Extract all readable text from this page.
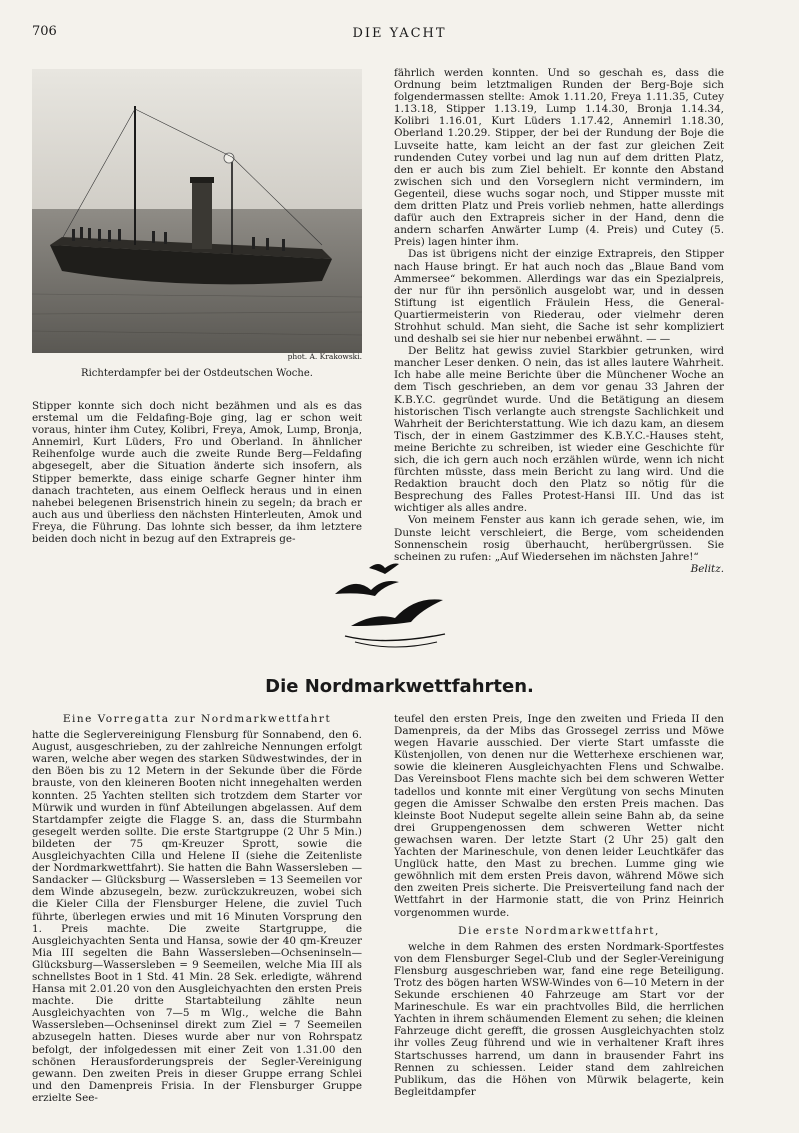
706	DIE YACHT
phot. A. Krakowski.
Richterdampfer bei der Ostdeutschen Woche.

Stipper konnte sich doch nicht bezähmen und als es das erstemal um die Feldafing-Boje ging, lag er schon weit voraus, hinter ihm Cutey, Kolibri, Freya, Amok, Lump, Bronja, Annemirl, Kurt Lüders, Fro und Oberland. In ähnlicher Reihenfolge wurde auch die zweite Runde Berg—Feldafing abgesegelt, aber die Situation änderte sich insofern, als Stipper bemerkte, dass einige scharfe Gegner hinter ihm danach trachteten, aus einem Oelfleck heraus und in einen nahebei belegenen Brisenstrich hinein zu segeln; da brach er auch aus und überliess den nächsten Hinterleuten, Amok und Freya, die Führung. Das lohnte sich besser, da ihm letztere beiden doch nicht in bezug auf den Extrapreis ge-

fährlich werden konnten. Und so geschah es, dass die Ordnung beim letztmaligen Runden der Berg-Boje sich folgendermassen stellte: Amok 1.11.20, Freya 1.11.35, Cutey 1.13.18, Stipper 1.13.19, Lump 1.14.30, Bronja 1.14.34, Kolibri 1.16.01, Kurt Lüders 1.17.42, Annemirl 1.18.30, Oberland 1.20.29. Stipper, der bei der Rundung der Boje die Luvseite hatte, kam leicht an der fast zur gleichen Zeit rundenden Cutey vorbei und lag nun auf dem dritten Platz, den er auch bis zum Ziel behielt. Er konnte den Abstand zwischen sich und den Vorseglern nicht vermindern, im Gegenteil, diese wuchs sogar noch, und Stipper musste mit dem dritten Platz und Preis vorlieb nehmen, hatte allerdings dafür auch den Extrapreis sicher in der Hand, denn die andern scharfen Anwärter Lump (4. Preis) und Cutey (5. Preis) lagen hinter ihm.

Das ist übrigens nicht der einzige Extrapreis, den Stipper nach Hause bringt. Er hat auch noch das „Blaue Band vom Ammersee“ bekommen. Allerdings war das ein Spezialpreis, der nur für ihn persönlich ausgelobt war, und in dessen Stiftung ist eigentlich Fräulein Hess, die General-Quartiermeisterin von Riederau, oder vielmehr deren Strohhut schuld. Man sieht, die Sache ist sehr kompliziert und deshalb sei sie hier nur nebenbei erwähnt. — —

Der Belitz hat gewiss zuviel Starkbier getrunken, wird mancher Leser denken. O nein, das ist alles lautere Wahrheit. Ich habe alle meine Berichte über die Münchener Woche an dem Tisch geschrieben, an dem vor genau 33 Jahren der K.B.Y.C. gegründet wurde. Und die Betätigung an diesem historischen Tisch verlangte auch strengste Sachlichkeit und Wahrheit der Berichterstattung. Wie ich dazu kam, an diesem Tisch, der in einem Gastzimmer des K.B.Y.C.-Hauses steht, meine Berichte zu schreiben, ist wieder eine Geschichte für sich, die ich gern auch noch erzählen würde, wenn ich nicht fürchten müsste, dass mein Bericht zu lang wird. Und die Redaktion braucht doch den Platz so nötig für die Besprechung des Falles Protest-Hansi III. Und das ist wichtiger als alles andre.

Von meinem Fenster aus kann ich gerade sehen, wie, im Dunste leicht verschleiert, die Berge, vom scheidenden Sonnenschein rosig überhaucht, herübergrüssen. Sie scheinen zu rufen: „Auf Wiedersehen im nächsten Jahre!“

Belitz.

Die Nordmarkwettfahrten.
Eine Vorregatta zur Nordmarkwettfahrt

hatte die Seglervereinigung Flensburg für Sonnabend, den 6. August, ausgeschrieben, zu der zahlreiche Nennungen erfolgt waren, welche aber wegen des starken Südwestwindes, der in den Böen bis zu 12 Metern in der Sekunde über die Förde brauste, von den kleineren Booten nicht innegehalten werden konnten. 25 Yachten stellten sich trotzdem dem Starter vor Mürwik und wurden in fünf Abteilungen abgelassen. Auf dem Startdampfer zeigte die Flagge S. an, dass die Sturmbahn gesegelt werden sollte. Die erste Startgruppe (2 Uhr 5 Min.) bildeten der 75 qm-Kreuzer Sprott, sowie die Ausgleichyachten Cilla und Helene II (siehe die Zeitenliste der Nordmarkwettfahrt). Sie hatten die Bahn Wassersleben — Sandacker — Glücksburg — Wassersleben = 13 Seemeilen vor dem Winde abzusegeln, bezw. zurückzukreuzen, wobei sich die Kieler Cilla der Flensburger Helene, die zuviel Tuch führte, überlegen erwies und mit 16 Minuten Vorsprung den 1. Preis machte. Die zweite Startgruppe, die Ausgleichyachten Senta und Hansa, sowie der 40 qm-Kreuzer Mia III segelten die Bahn Wassersleben—Ochseninseln—Glücksburg—Wassersleben = 9 Seemeilen, welche Mia III als schnellstes Boot in 1 Std. 41 Min. 28 Sek. erledigte, während Hansa mit 2.01.20 von den Ausgleichyachten den ersten Preis machte. Die dritte Startabteilung zählte neun Ausgleichyachten von 7—5 m Wlg., welche die Bahn Wassersleben—Ochseninsel direkt zum Ziel = 7 Seemeilen abzusegeln hatten. Dieses wurde aber nur von Rohrspatz befolgt, der infolgedessen mit einer Zeit von 1.31.00 den schönen Herausforderungspreis der Segler-Vereinigung gewann. Den zweiten Preis in dieser Gruppe errang Schlei und den Damenpreis Frisia. In der Flensburger Gruppe erzielte See-

teufel den ersten Preis, Inge den zweiten und Frieda II den Damenpreis, da der Mibs das Grossegel zerriss und Möwe wegen Havarie ausschied. Der vierte Start umfasste die Küstenjollen, von denen nur die Wetterhexe erschienen war, sowie die kleineren Ausgleichyachten Flens und Schwalbe. Das Vereinsboot Flens machte sich bei dem schweren Wetter tadellos und konnte mit einer Vergütung von sechs Minuten gegen die Amisser Schwalbe den ersten Preis machen. Das kleinste Boot Nudeput segelte allein seine Bahn ab, da seine drei Gruppengenossen dem schweren Wetter nicht gewachsen waren. Der letzte Start (2 Uhr 25) galt den Yachten der Marineschule, von denen leider Leuchtkäfer das Unglück hatte, den Mast zu brechen. Lumme ging wie gewöhnlich mit dem ersten Preis davon, während Möwe sich den zweiten Preis sicherte. Die Preisverteilung fand nach der Wettfahrt in der Harmonie statt, die von Prinz Heinrich vorgenommen wurde.

Die erste Nordmarkwettfahrt,

welche in dem Rahmen des ersten Nordmark-Sportfestes von dem Flensburger Segel-Club und der Segler-Vereinigung Flensburg ausgeschrieben war, fand eine rege Beteiligung. Trotz des bögen harten WSW-Windes von 6—10 Metern in der Sekunde erschienen 40 Fahrzeuge am Start vor der Marineschule. Es war ein prachtvolles Bild, die herrlichen Yachten in ihrem schäumenden Element zu sehen; die kleinen Fahrzeuge dicht gerefft, die grossen Ausgleichyachten stolz ihr volles Zeug führend und wie in verhaltener Kraft ihres Startschusses harrend, um dann in brausender Fahrt ins Rennen zu schiessen. Leider stand dem zahlreichen Publikum, das die Höhen von Mürwik belagerte, kein Begleitdampfer
